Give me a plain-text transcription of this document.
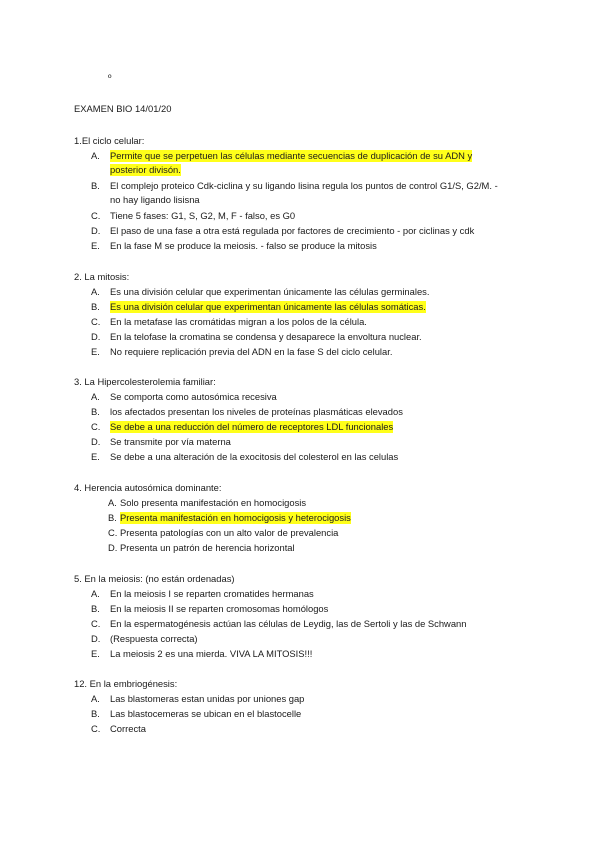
º
EXAMEN BIO 14/01/20
1.El ciclo celular:
A. Permite que se perpetuen las células mediante secuencias de duplicación de su ADN y
posterior divisón.
B. El complejo proteico Cdk-ciclina y su ligando lisina regula los puntos de control G1/S, G2/M. -
no hay ligando lisisna
C. Tiene 5 fases: G1, S, G2, M, F - falso, es G0
D. El paso de una fase a otra está regulada por factores de crecimiento - por ciclinas y cdk
E. En la fase M se produce la meiosis. - falso se produce la mitosis
2. La mitosis:
A. Es una división celular que experimentan únicamente las células germinales.
B. Es una división celular que experimentan únicamente las células somáticas.
C. En la metafase las cromátidas migran a los polos de la célula.
D. En la telofase la cromatina se condensa y desaparece la envoltura nuclear.
E. No requiere replicación previa del ADN en la fase S del ciclo celular.
3. La Hipercolesterolemia familiar:
A. Se comporta como autosómica recesiva
B. los afectados presentan los niveles de proteínas plasmáticas elevados
C. Se debe a una reducción del número de receptores LDL funcionales
D. Se transmite por vía materna
E. Se debe a una alteración de la exocitosis del colesterol en las celulas
4. Herencia autosómica dominante:
A. Solo presenta manifestación en homocigosis
B. Presenta manifestación en homocigosis y heterocigosis
C. Presenta patologías con un alto valor de prevalencia
D. Presenta un patrón de herencia horizontal
5. En la meiosis: (no están ordenadas)
A. En la meiosis I se reparten cromatides hermanas
B. En la meiosis II se reparten cromosomas homólogos
C. En la espermatogénesis actúan las células de Leydig, las de Sertoli y las de Schwann
D. (Respuesta correcta)
E. La meiosis 2 es una mierda. VIVA LA MITOSIS!!!
12. En la embriogénesis:
A. Las blastomeras estan unidas por uniones gap
B. Las blastocemeras se ubican en el blastocelle
C. Correcta
